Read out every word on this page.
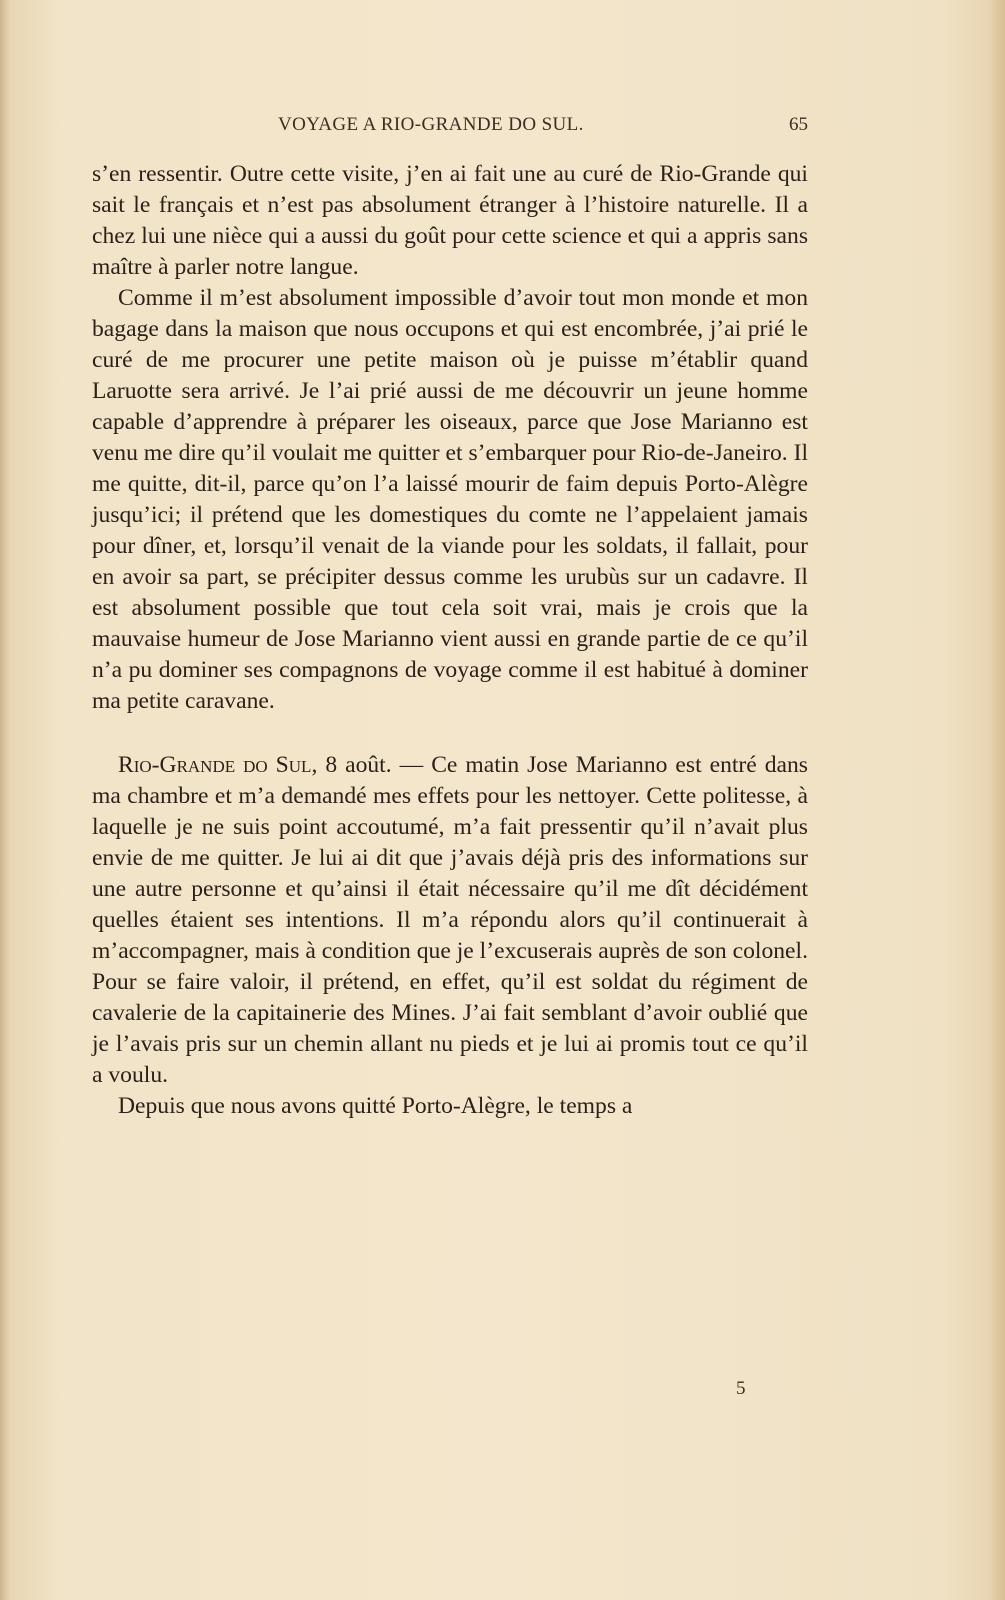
VOYAGE A RIO-GRANDE DO SUL.	65

s’en ressentir. Outre cette visite, j’en ai fait une au curé de Rio-Grande qui sait le français et n’est pas absolument étranger à l’histoire naturelle. Il a chez lui une nièce qui a aussi du goût pour cette science et qui a appris sans maître à parler notre langue.

Comme il m’est absolument impossible d’avoir tout mon monde et mon bagage dans la maison que nous occupons et qui est encombrée, j’ai prié le curé de me procurer une petite maison où je puisse m’établir quand Laruotte sera arrivé. Je l’ai prié aussi de me découvrir un jeune homme capable d’apprendre à préparer les oiseaux, parce que Jose Marianno est venu me dire qu’il voulait me quitter et s’embarquer pour Rio-de-Janeiro. Il me quitte, dit-il, parce qu’on l’a laissé mourir de faim depuis Porto-Alègre jusqu’ici; il prétend que les domestiques du comte ne l’appelaient jamais pour dîner, et, lorsqu’il venait de la viande pour les soldats, il fallait, pour en avoir sa part, se précipiter dessus comme les urubùs sur un cadavre. Il est absolument possible que tout cela soit vrai, mais je crois que la mauvaise humeur de Jose Marianno vient aussi en grande partie de ce qu’il n’a pu dominer ses compagnons de voyage comme il est habitué à dominer ma petite caravane.

Rio-Grande do Sul, 8 août. — Ce matin Jose Marianno est entré dans ma chambre et m’a demandé mes effets pour les nettoyer. Cette politesse, à laquelle je ne suis point accoutumé, m’a fait pressentir qu’il n’avait plus envie de me quitter. Je lui ai dit que j’avais déjà pris des informations sur une autre personne et qu’ainsi il était nécessaire qu’il me dît décidément quelles étaient ses intentions. Il m’a répondu alors qu’il continuerait à m’accompagner, mais à condition que je l’excuserais auprès de son colonel. Pour se faire valoir, il prétend, en effet, qu’il est soldat du régiment de cavalerie de la capitainerie des Mines. J’ai fait semblant d’avoir oublié que je l’avais pris sur un chemin allant nu pieds et je lui ai promis tout ce qu’il a voulu.

Depuis que nous avons quitté Porto-Alègre, le temps a

5
